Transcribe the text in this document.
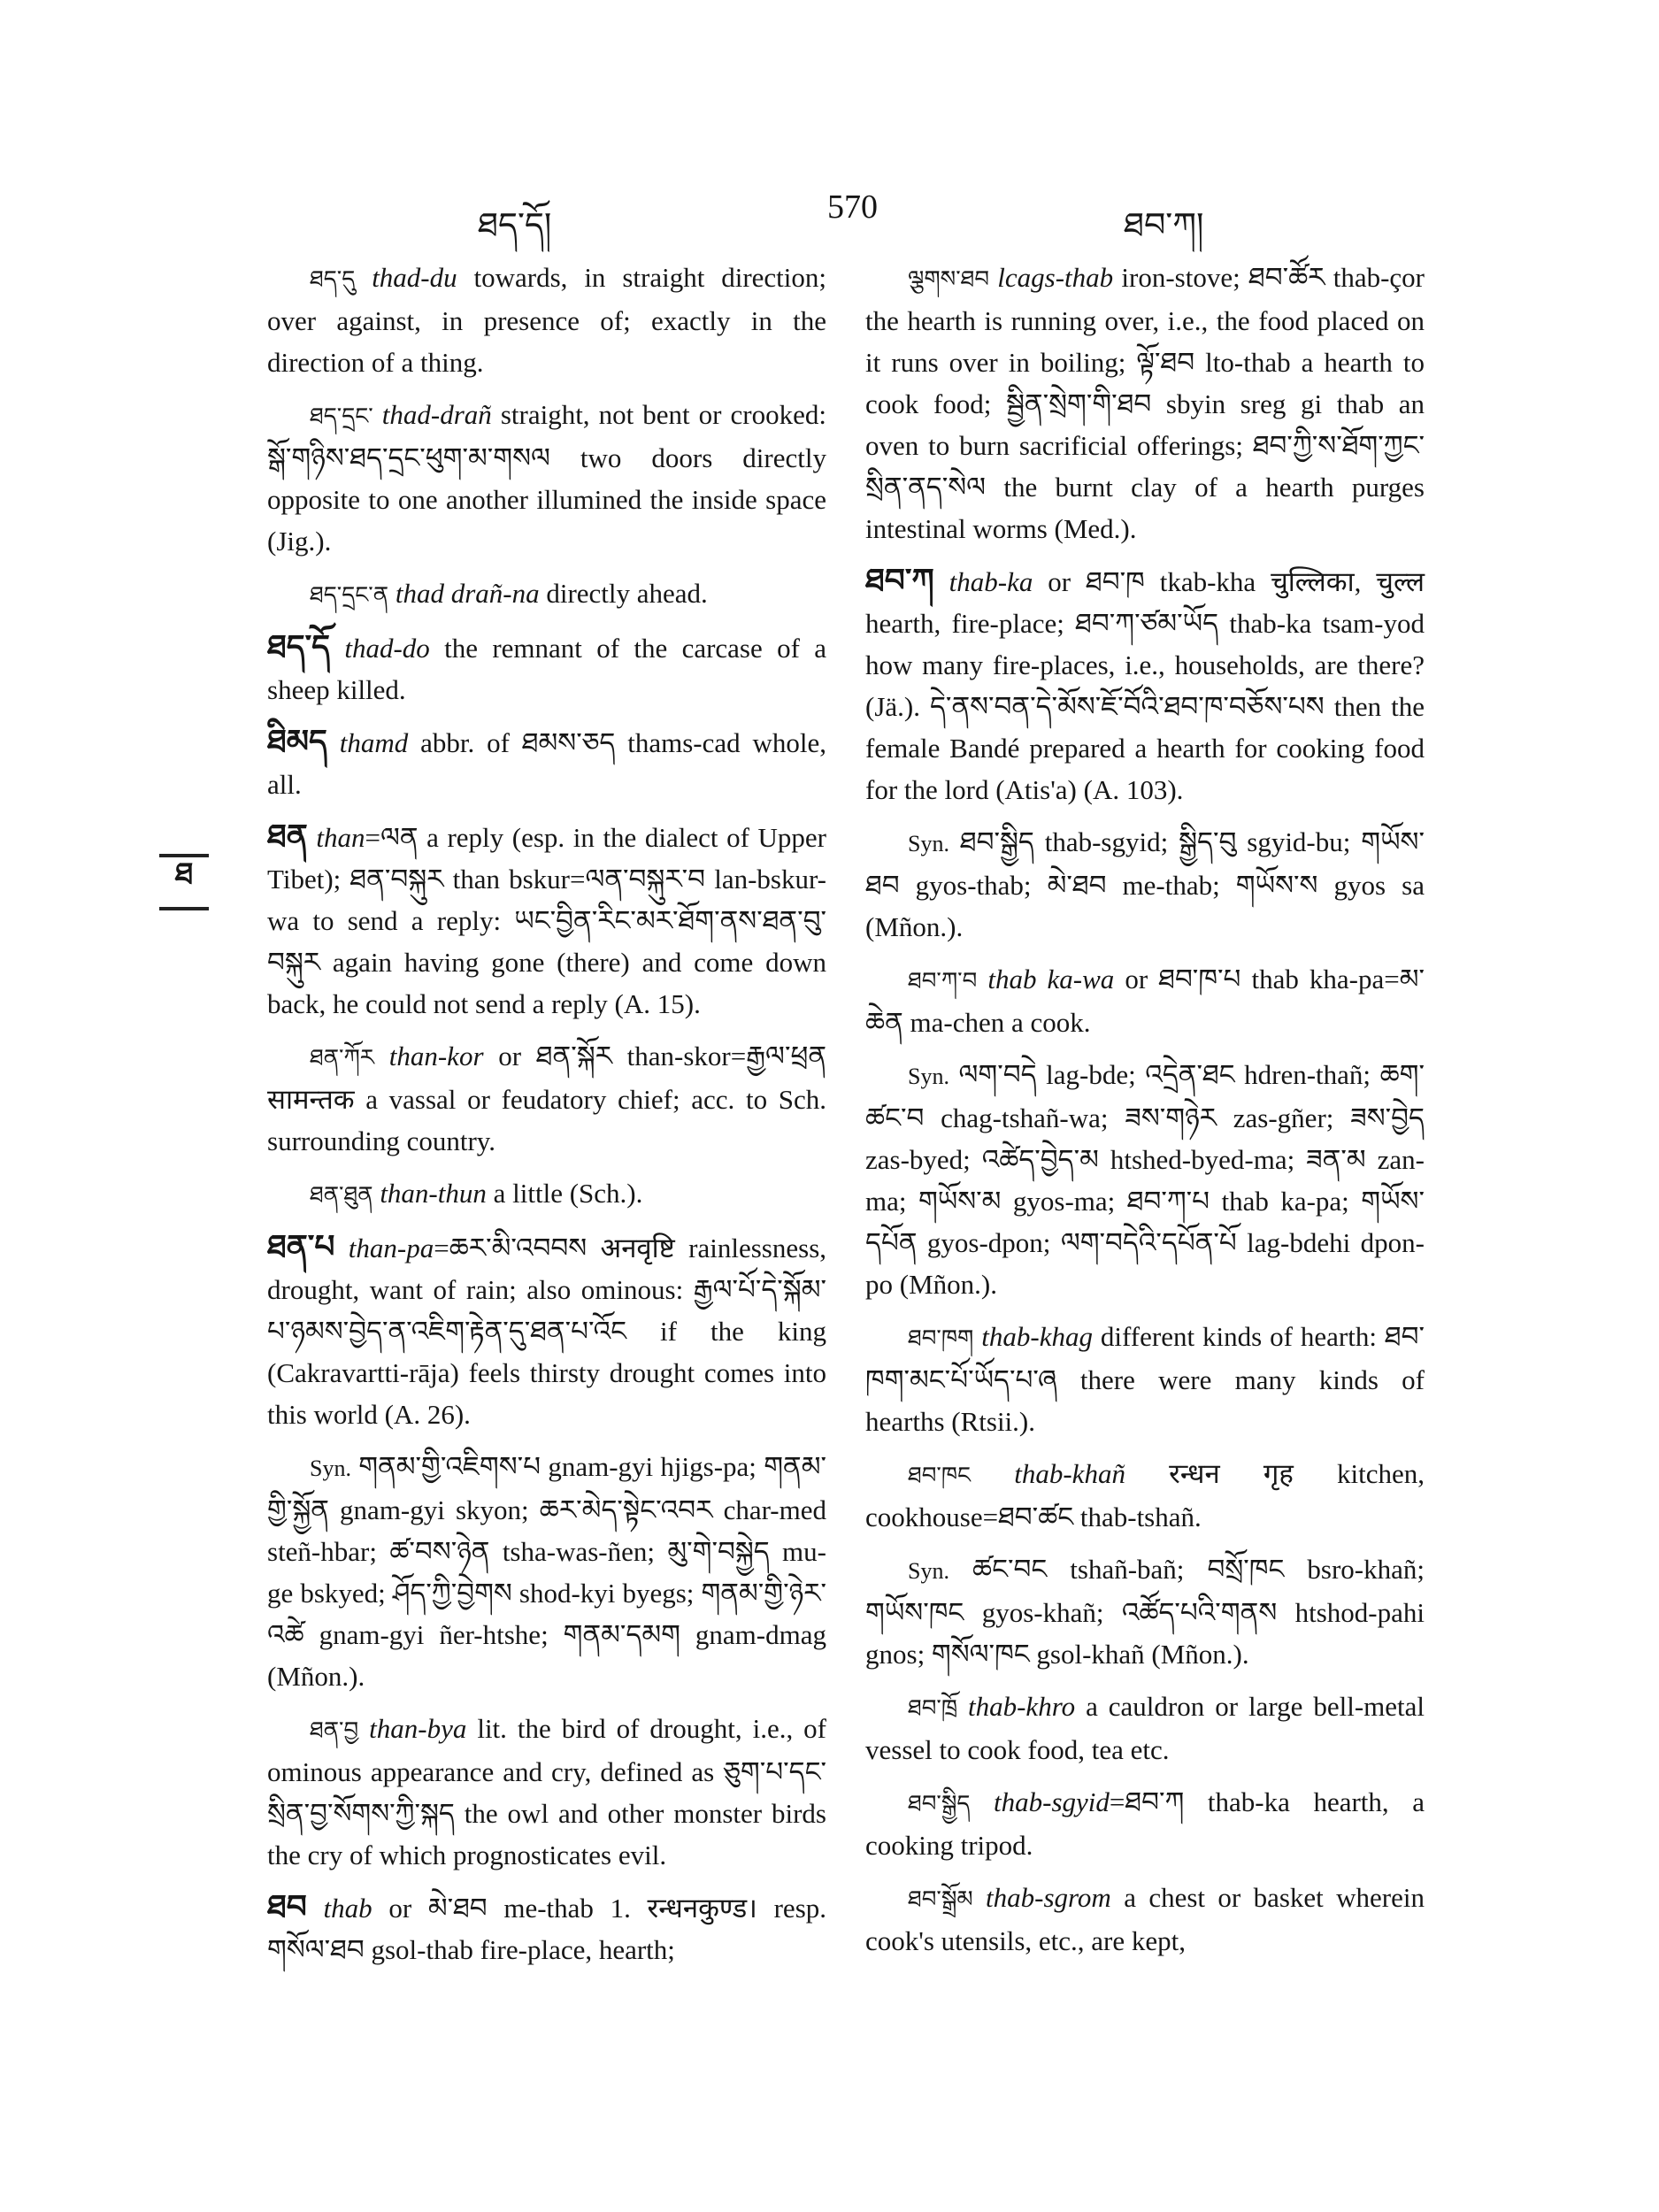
ཐད་དོ།	570	ཐབ་ཀ།
ཐ

ཐད་དུ thad-du towards, in straight direction; over against, in presence of; exactly in the direction of a thing.

ཐད་དྲང་ thad-drañ straight, not bent or crooked: སྒོ་གཉིས་ཐད་དྲང་ཕུག་མ་གསལ two doors directly opposite to one another illumined the inside space (Jig.).

ཐད་དྲང་ན thad drañ-na directly ahead.

ཐད་དོ thad-do the remnant of the carcase of a sheep killed.

ཐིམད thamd abbr. of ཐམས་ཅད thams-cad whole, all.

ཐན than=ལན a reply (esp. in the dialect of Upper Tibet); ཐན་བསྐུར than bskur=ལན་བསྐུར་བ lan-bskur-wa to send a reply: ཡང་བྱིན་རིང་མར་ཐོག་ནས་ཐན་བུ་བསྐུར again having gone (there) and come down back, he could not send a reply (A. 15).

ཐན་ཀོར than-kor or ཐན་སྐོར than-skor=རྒྱལ་ཕྲན सामन्तक a vassal or feudatory chief; acc. to Sch. surrounding country.

ཐན་ཐུན than-thun a little (Sch.).

ཐན་པ than-pa=ཆར་མི་འབབས अनवृष्टि rainlessness, drought, want of rain; also ominous: རྒྱལ་པོ་དེ་སྐོམ་པ་ཉམས་བྱེད་ན་འཇིག་རྟེན་དུ་ཐན་པ་འོང if the king (Cakravartti-rāja) feels thirsty drought comes into this world (A. 26).

Syn. གནམ་གྱི་འཇིགས་པ gnam-gyi hjigs-pa; གནམ་གྱི་སྐྱོན gnam-gyi skyon; ཆར་མེད་སྟེང་འབར char-med steñ-hbar; ཚ་བས་ཉེན tsha-was-ñen; མུ་གེ་བསྐྱེད mu-ge bskyed; ཤོད་ཀྱི་བྱེགས shod-kyi byegs; གནམ་གྱི་ཉེར་འཚེ gnam-gyi ñer-htshe; གནམ་དམག gnam-dmag (Mñon.).

ཐན་བྱ than-bya lit. the bird of drought, i.e., of ominous appearance and cry, defined as ཅུག་པ་དང་སྲིན་བྱ་སོགས་ཀྱི་སྐད the owl and other monster birds the cry of which prognosticates evil.

ཐབ thab or མེ་ཐབ me-thab 1. रन्धनकुण्ड। resp. གསོལ་ཐབ gsol-thab fire-place, hearth;

ལྕགས་ཐབ lcags-thab iron-stove; ཐབ་ཚོར thab-çor the hearth is running over, i.e., the food placed on it runs over in boiling; ལྟོ་ཐབ lto-thab a hearth to cook food; སྦྱིན་སྲེག་གི་ཐབ sbyin sreg gi thab an oven to burn sacrificial offerings; ཐབ་ཀྱི་ས་ཐོག་ཀྱང་སྲིན་ནད་སེལ the burnt clay of a hearth purges intestinal worms (Med.).

ཐབ་ཀ thab-ka or ཐབ་ཁ tkab-kha चुल्लिका, चुल्ल hearth, fire-place; ཐབ་ཀ་ཙམ་ཡོད thab-ka tsam-yod how many fire-places, i.e., households, are there? (Jä.). དེ་ནས་བན་དེ་མོས་ཇོ་བོའི་ཐབ་ཁ་བཅོས་པས then the female Bandé prepared a hearth for cooking food for the lord (Atis'a) (A. 103).

Syn. ཐབ་སྒྱིད thab-sgyid; སྒྱིད་བུ sgyid-bu; གཡོས་ཐབ gyos-thab; མེ་ཐབ me-thab; གཡོས་ས gyos sa (Mñon.).

ཐབ་ཀ་བ thab ka-wa or ཐབ་ཁ་པ thab kha-pa=མ་ཆེན ma-chen a cook.

Syn. ལག་བདེ lag-bde; འདྲེན་ཐང hdren-thañ; ཆག་ཚང་བ chag-tshañ-wa; ཟས་གཉེར zas-gñer; ཟས་བྱེད zas-byed; འཚེད་བྱེད་མ htshed-byed-ma; ཟན་མ zan-ma; གཡོས་མ gyos-ma; ཐབ་ཀ་པ thab ka-pa; གཡོས་དཔོན gyos-dpon; ལག་བདེའི་དཔོན་པོ lag-bdehi dpon-po (Mñon.).

ཐབ་ཁག thab-khag different kinds of hearth: ཐབ་ཁག་མང་པོ་ཡོད་པ་ཞ there were many kinds of hearths (Rtsii.).

ཐབ་ཁང thab-khañ रन्धन गृह kitchen, cookhouse=ཐབ་ཚང thab-tshañ.

Syn. ཚང་བང tshañ-bañ; བསྲོ་ཁང bsro-khañ; གཡོས་ཁང gyos-khañ; འཚོད་པའི་གནས htshod-pahi gnos; གསོལ་ཁང gsol-khañ (Mñon.).

ཐབ་ཁྲོ thab-khro a cauldron or large bell-metal vessel to cook food, tea etc.

ཐབ་སྒྱིད thab-sgyid=ཐབ་ཀ thab-ka hearth, a cooking tripod.

ཐབ་སྒྲོམ thab-sgrom a chest or basket wherein cook's utensils, etc., are kept,
